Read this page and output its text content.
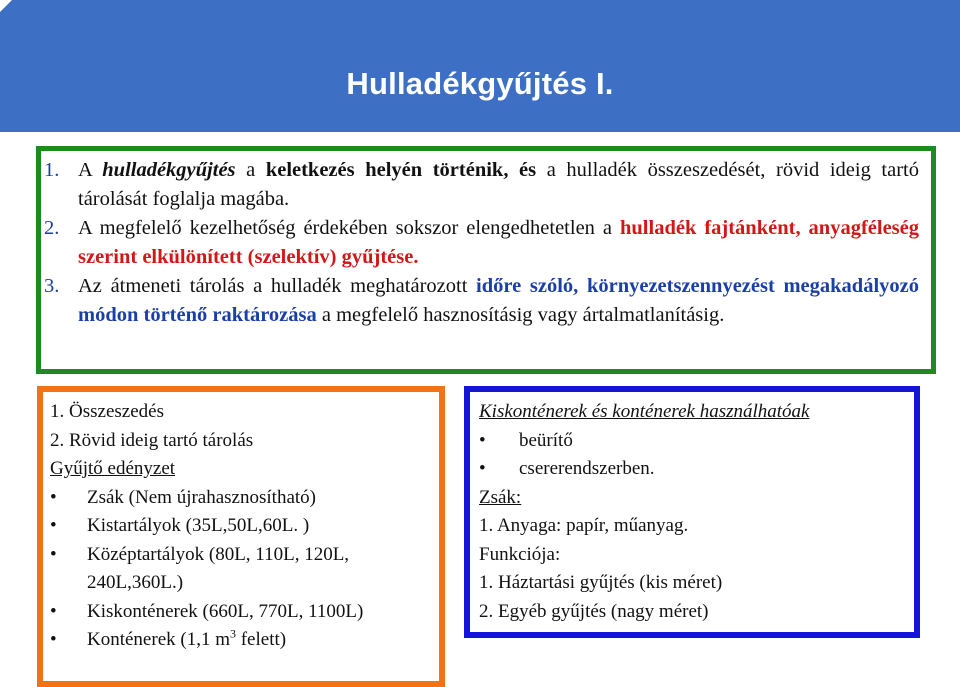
Hulladékgyűjtés I.
1. A hulladékgyűjtés a keletkezés helyén történik, és a hulladék összeszedését, rövid ideig tartó tárolását foglalja magába.
2. A megfelelő kezelhetőség érdekében sokszor elengedhetetlen a hulladék fajtánként, anyagféleség szerint elkülönített (szelektív) gyűjtése.
3. Az átmeneti tárolás a hulladék meghatározott időre szóló, környezetszennyezést megakadályozó módon történő raktározása a megfelelő hasznosításig vagy ártalmatlanításig.
1. Összeszedés
2. Rövid ideig tartó tárolás
Gyűjtő edényzet
• Zsák (Nem újrahasznosítható)
• Kistartályok (35L,50L,60L. )
• Középtartályok (80L, 110L, 120L, 240L,360L.)
• Kiskonténerek (660L, 770L, 1100L)
• Konténerek (1,1 $m^3$ felett)
Kiskonténerek és konténerek használhatóak
• beürítő
• csererendszerben.
Zsák:
1. Anyaga: papír, műanyag.
Funkciója:
1. Háztartási gyűjtés (kis méret)
2. Egyéb gyűjtés (nagy méret)
